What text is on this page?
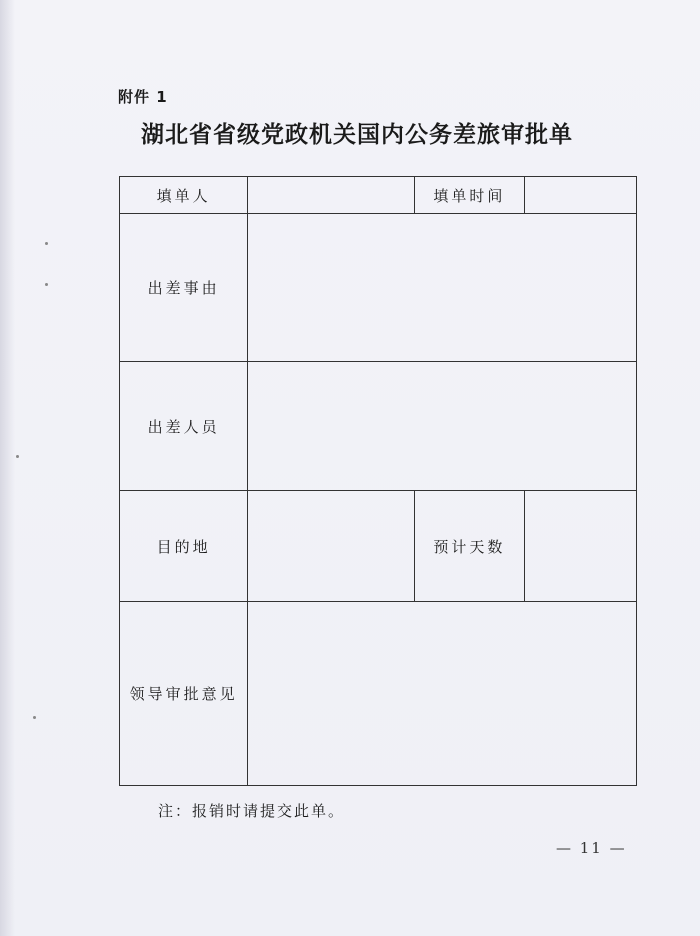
附件 1
湖北省省级党政机关国内公务差旅审批单
填单人		填单时间	
出差事由			
出差人员			
目的地		预计天数	
领导审批意见			
注：报销时请提交此单。
— 11 —
